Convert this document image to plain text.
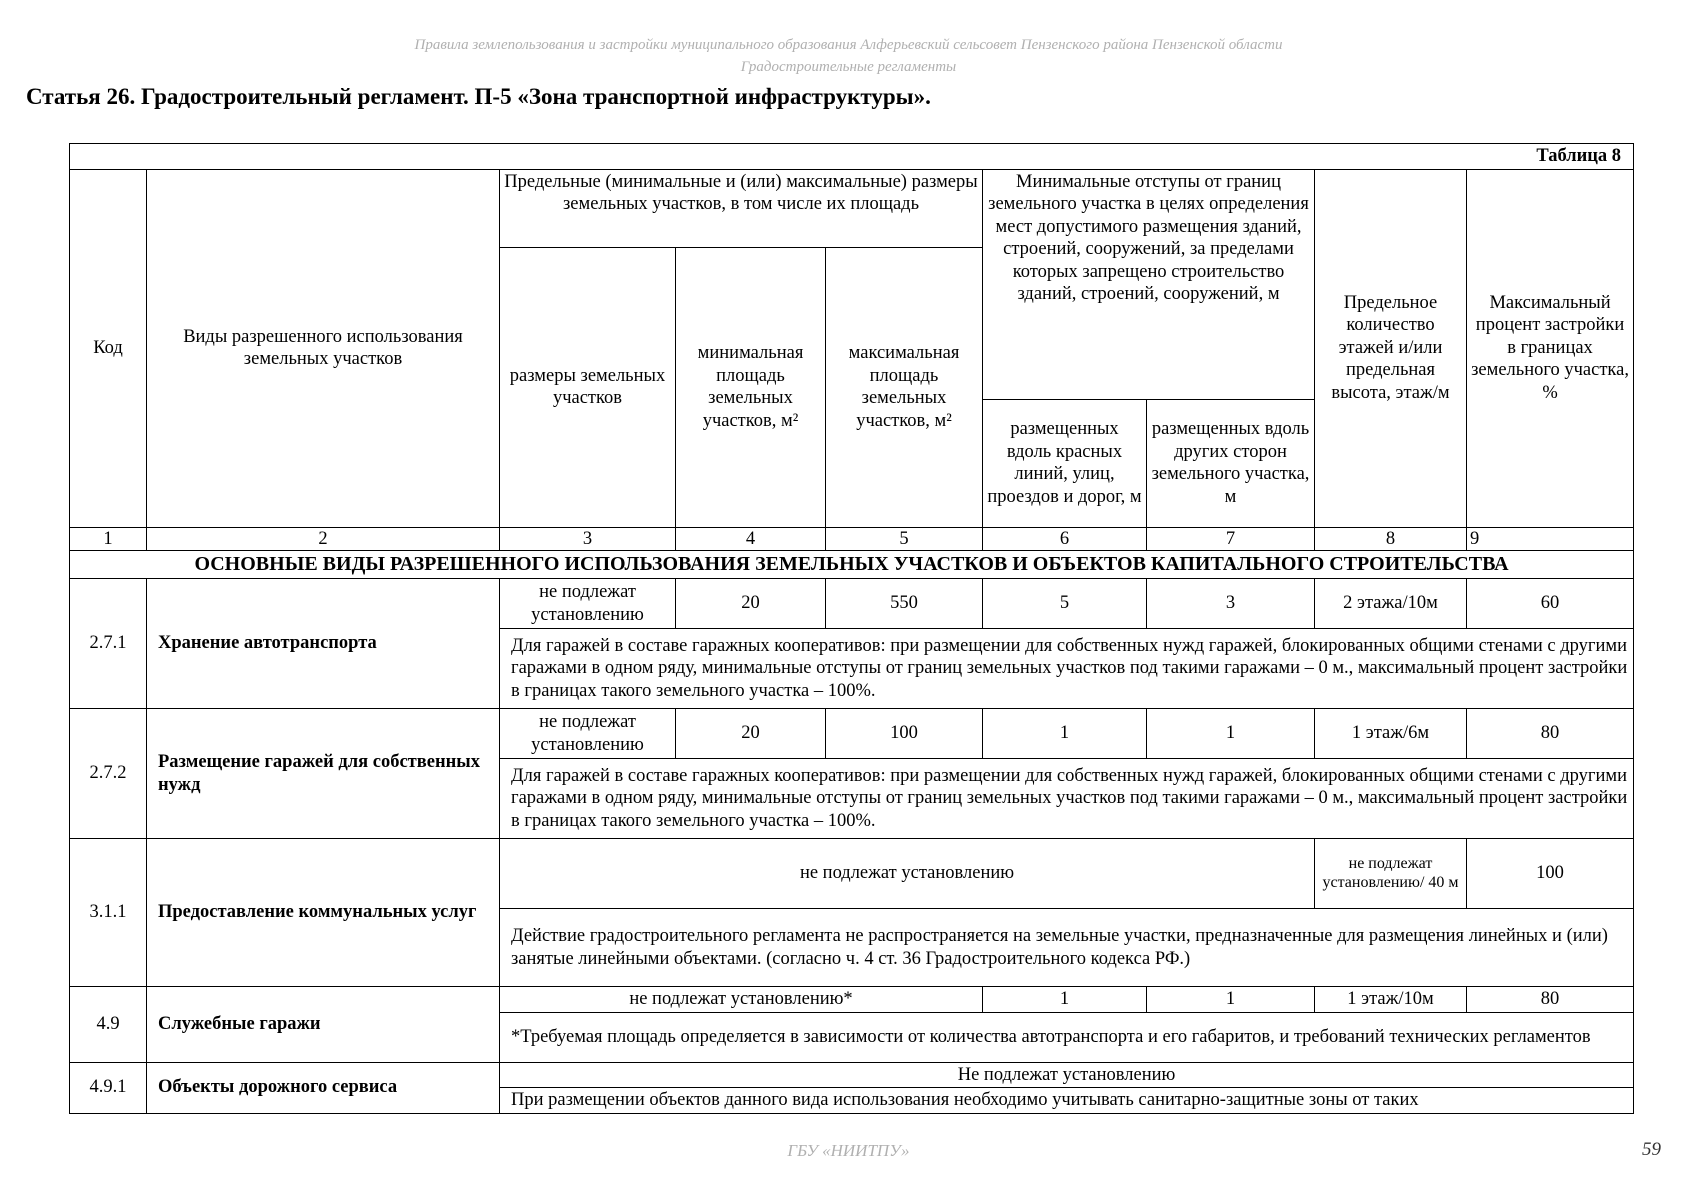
Правила землепользования и застройки муниципального образования Алферьевский сельсовет Пензенского района Пензенской области
Градостроительные регламенты
Статья 26. Градостроительный регламент. П-5 «Зона транспортной инфраструктуры».
Таблица 8								
Код	Виды разрешенного использования земельных участков	Предельные (минимальные и (или) максимальные) размеры земельных участков, в том числе их площадь			Минимальные отступы от границ земельного участка в целях определения мест допустимого размещения зданий, строений, сооружений, за пределами которых запрещено строительство зданий, строений, сооружений, м		Предельное количество этажей и/или предельная высота, этаж/м	Максимальный процент застройки в границах земельного участка, %
		размеры земельных участков	минимальная площадь земельных участков, м²	максимальная площадь земельных участков, м²				
					размещенных вдоль красных линий, улиц, проездов и дорог, м	размещенных вдоль других сторон земельного участка, м		
1	2	3	4	5	6	7	8	9
ОСНОВНЫЕ ВИДЫ РАЗРЕШЕННОГО ИСПОЛЬЗОВАНИЯ ЗЕМЕЛЬНЫХ УЧАСТКОВ И ОБЪЕКТОВ КАПИТАЛЬНОГО СТРОИТЕЛЬСТВА								
2.7.1	Хранение автотранспорта	не подлежат установлению	20	550	5	3	2 этажа/10м	60
		Для гаражей в составе гаражных кооперативов: при размещении для собственных нужд гаражей, блокированных общими стенами с другими гаражами в одном ряду, минимальные отступы от границ земельных участков под такими гаражами – 0 м., максимальный процент застройки в границах такого земельного участка – 100%.						
2.7.2	Размещение гаражей для собственных нужд	не подлежат установлению	20	100	1	1	1 этаж/6м	80
		Для гаражей в составе гаражных кооперативов: при размещении для собственных нужд гаражей, блокированных общими стенами с другими гаражами в одном ряду, минимальные отступы от границ земельных участков под такими гаражами – 0 м., максимальный процент застройки в границах такого земельного участка – 100%.						
3.1.1	Предоставление коммунальных услуг	не подлежат установлению					не подлежат установлению/ 40 м	100
		Действие градостроительного регламента не распространяется на земельные участки, предназначенные для размещения линейных и (или) занятые линейными объектами. (согласно ч. 4 ст. 36 Градостроительного кодекса РФ.)						
4.9	Служебные гаражи	не подлежат установлению*			1	1	1 этаж/10м	80
		*Требуемая площадь определяется в зависимости от количества автотранспорта и его габаритов, и требований технических регламентов						
4.9.1	Объекты дорожного сервиса	Не подлежат установлению						
		При размещении объектов данного вида использования необходимо учитывать санитарно-защитные зоны от таких						
ГБУ «НИИТПУ»	59
